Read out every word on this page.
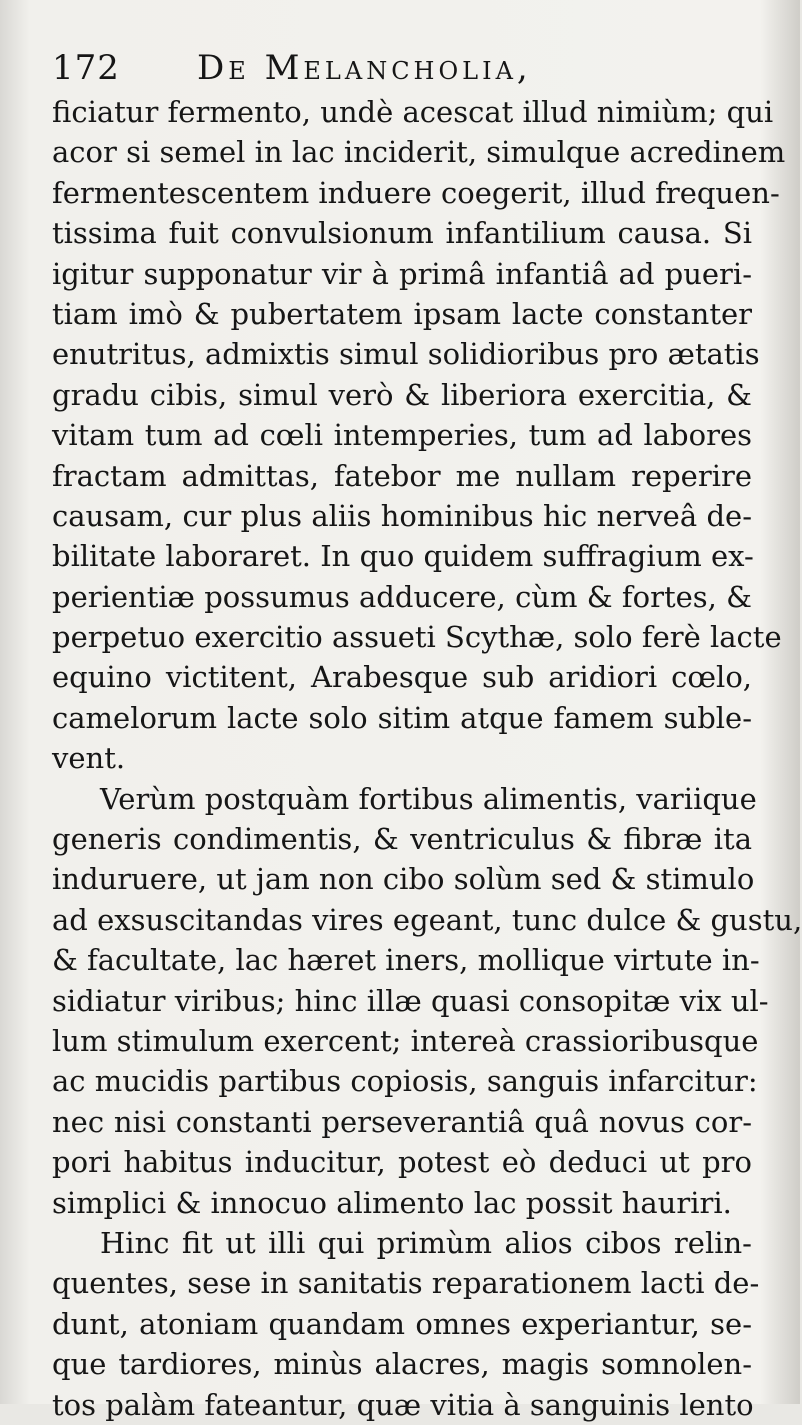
172 De Melancholia,
ficiatur fermento, undè acescat illud nimiùm; qui
acor si semel in lac inciderit, simulque acredinem
fermentescentem induere coegerit, illud frequen-
tissima fuit convulsionum infantilium causa. Si
igitur supponatur vir à primâ infantiâ ad pueri-
tiam imò & pubertatem ipsam lacte constanter
enutritus, admixtis simul solidioribus pro ætatis
gradu cibis, simul verò & liberiora exercitia, &
vitam tum ad cœli intemperies, tum ad labores
fractam admittas, fatebor me nullam reperire
causam, cur plus aliis hominibus hic nerveâ de-
bilitate laboraret. In quo quidem suffragium ex-
perientiæ possumus adducere, cùm & fortes, &
perpetuo exercitio assueti Scythæ, solo ferè lacte
equino victitent, Arabesque sub aridiori cœlo,
camelorum lacte solo sitim atque famem suble-
vent.
Verùm postquàm fortibus alimentis, variique
generis condimentis, & ventriculus & fibræ ita
induruere, ut jam non cibo solùm sed & stimulo
ad exsuscitandas vires egeant, tunc dulce & gustu,
& facultate, lac hæret iners, mollique virtute in-
sidiatur viribus; hinc illæ quasi consopitæ vix ul-
lum stimulum exercent; intereà crassioribusque
ac mucidis partibus copiosis, sanguis infarcitur:
nec nisi constanti perseverantiâ quâ novus cor-
pori habitus inducitur, potest eò deduci ut pro
simplici & innocuo alimento lac possit hauriri.
Hinc fit ut illi qui primùm alios cibos relin-
quentes, sese in sanitatis reparationem lacti de-
dunt, atoniam quandam omnes experiantur, se-
que tardiores, minùs alacres, magis somnolen-
tos palàm fateantur, quæ vitia à sanguinis lento
